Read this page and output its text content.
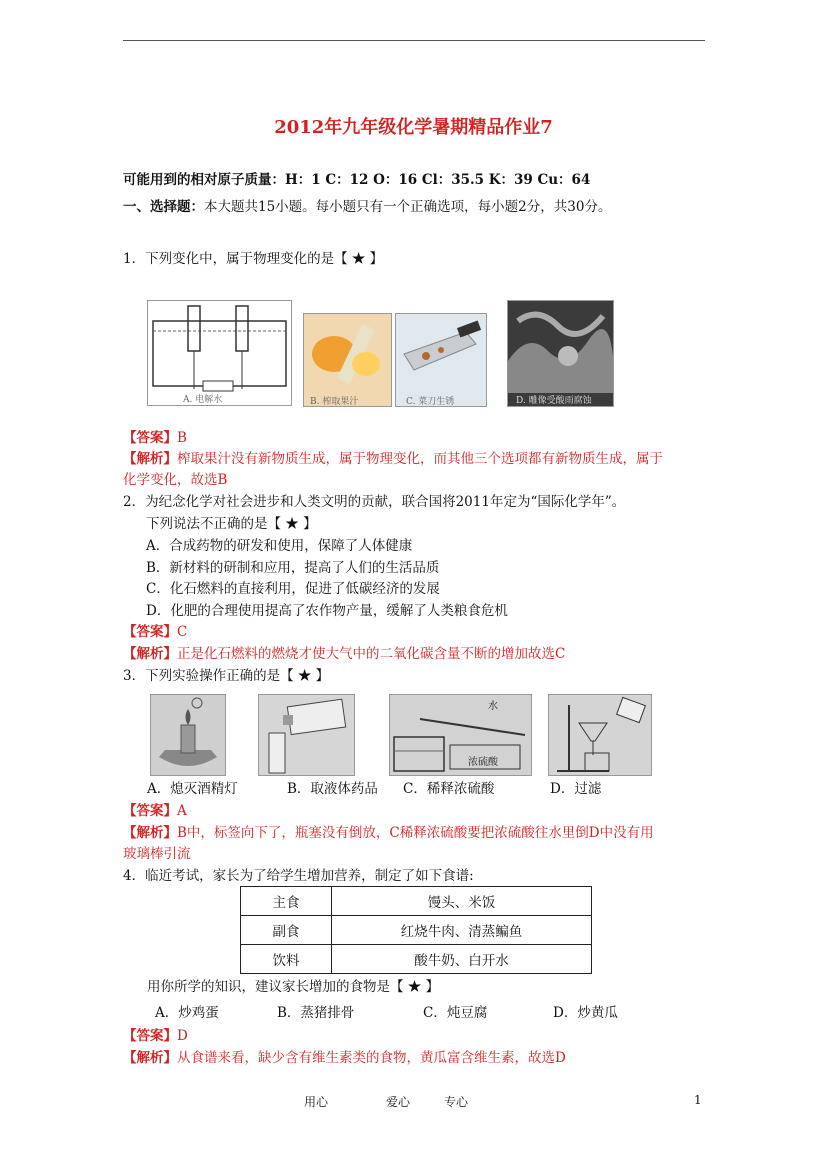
2012年九年级化学暑期精品作业7
可能用到的相对原子质量：H：1 C：12 O：16 Cl：35.5 K：39 Cu：64
一、选择题：本大题共15小题。每小题只有一个正确选项，每小题2分，共30分。
1．下列变化中，属于物理变化的是【 ★ 】
A. 电解水	B. 榨取果汁	C. 菜刀生锈	D. 雕像受酸雨腐蚀
【答案】B
【解析】榨取果汁没有新物质生成，属于物理变化，而其他三个选项都有新物质生成，属于
化学变化，故选B
2．为纪念化学对社会进步和人类文明的贡献，联合国将2011年定为“国际化学年”。
下列说法不正确的是【 ★ 】
A．合成药物的研发和使用，保障了人体健康
B．新材料的研制和应用，提高了人们的生活品质
C．化石燃料的直接利用，促进了低碳经济的发展
D．化肥的合理使用提高了农作物产量，缓解了人类粮食危机
【答案】C
【解析】正是化石燃料的燃烧才使大气中的二氧化碳含量不断的增加故选C
3．下列实验操作正确的是【 ★ 】
水
浓硫酸
A．熄灭酒精灯	B．取液体药品 C．稀释浓硫酸	D．过滤
【答案】A
【解析】B中，标签向下了，瓶塞没有倒放，C稀释浓硫酸要把浓硫酸往水里倒D中没有用
玻璃棒引流
4．临近考试，家长为了给学生增加营养，制定了如下食谱:
主食	馒头、米饭
副食	红烧牛肉、清蒸鳊鱼
饮料	酸牛奶、白开水
用你所学的知识，建议家长增加的食物是【 ★ 】
A．炒鸡蛋	B．蒸猪排骨	C．炖豆腐	D．炒黄瓜
【答案】D
【解析】从食谱来看，缺少含有维生素类的食物，黄瓜富含维生素，故选D
用心	爱心	专心	1
